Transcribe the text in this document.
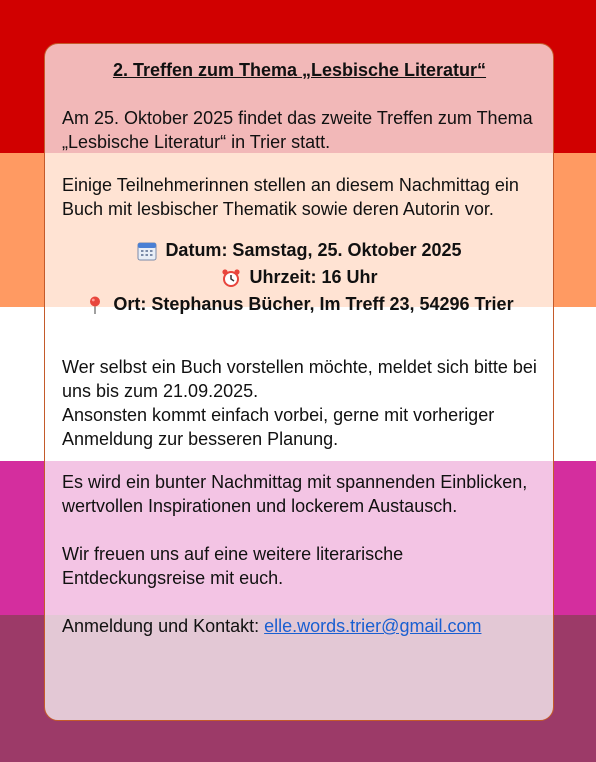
2. Treffen zum Thema „Lesbische Literatur“

Am 25. Oktober 2025 findet das zweite Treffen zum Thema „Lesbische Literatur“ in Trier statt.

Einige Teilnehmerinnen stellen an diesem Nachmittag ein Buch mit lesbischer Thematik sowie deren Autorin vor.

Datum: Samstag, 25. Oktober 2025
Uhrzeit: 16 Uhr
Ort: Stephanus Bücher, Im Treff 23, 54296 Trier

Wer selbst ein Buch vorstellen möchte, meldet sich bitte bei uns bis zum 21.09.2025.

Ansonsten kommt einfach vorbei, gerne mit vorheriger Anmeldung zur besseren Planung.

Es wird ein bunter Nachmittag mit spannenden Einblicken, wertvollen Inspirationen und lockerem Austausch.

Wir freuen uns auf eine weitere literarische Entdeckungsreise mit euch.

Anmeldung und Kontakt: elle.words.trier@gmail.com
